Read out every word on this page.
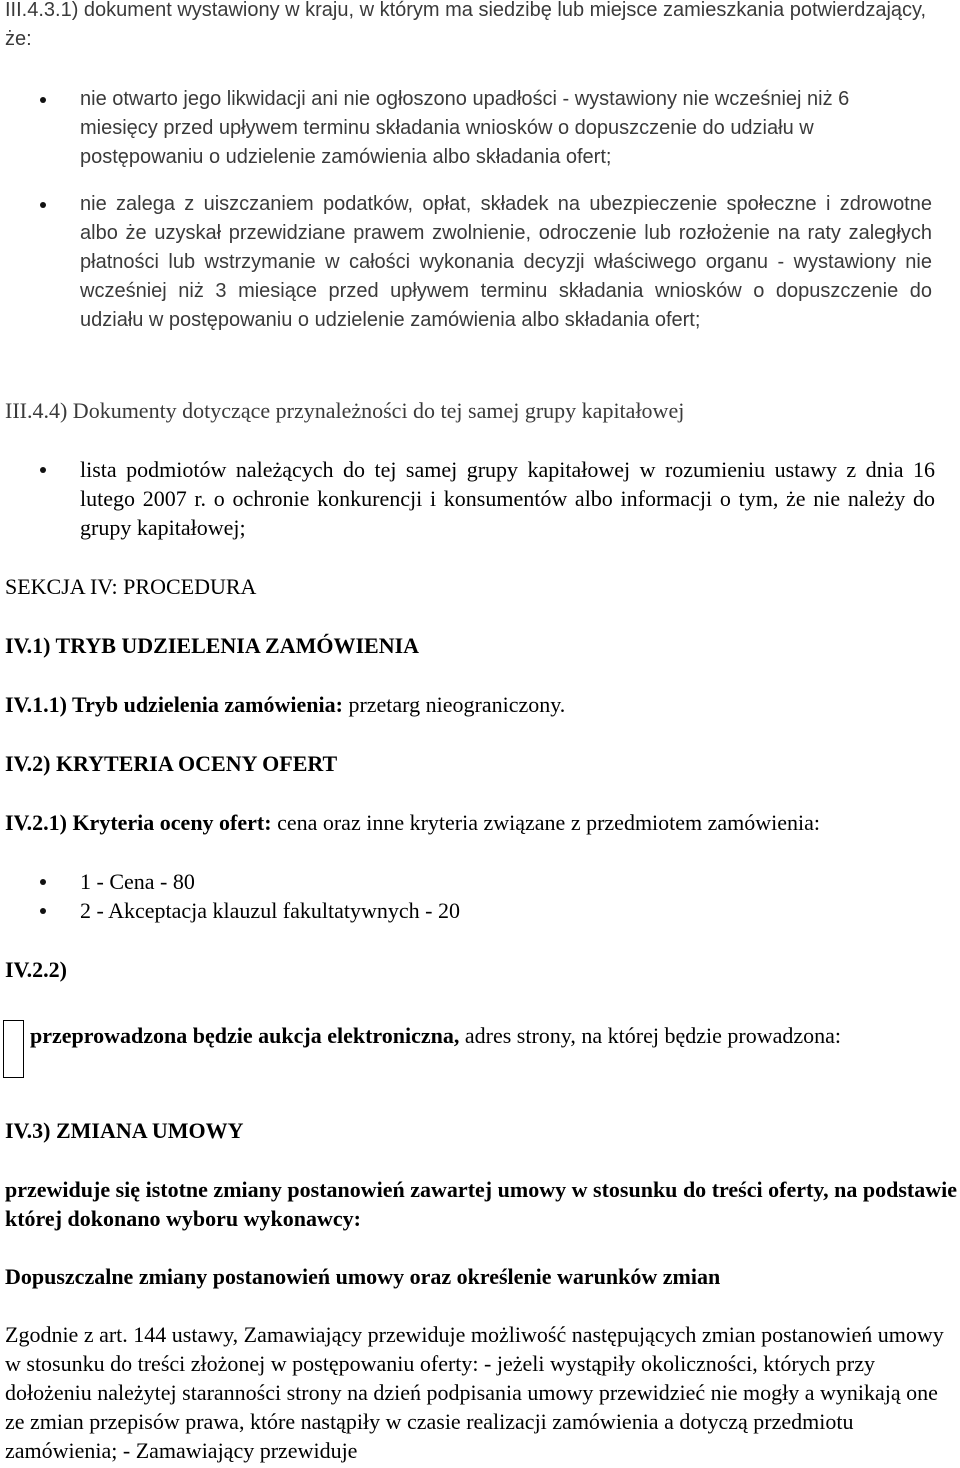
III.4.3.1) dokument wystawiony w kraju, w którym ma siedzibę lub miejsce zamieszkania potwierdzający, że:

nie otwarto jego likwidacji ani nie ogłoszono upadłości - wystawiony nie wcześniej niż 6 miesięcy przed upływem terminu składania wniosków o dopuszczenie do udziału w postępowaniu o udzielenie zamówienia albo składania ofert;
nie zalega z uiszczaniem podatków, opłat, składek na ubezpieczenie społeczne i zdrowotne albo że uzyskał przewidziane prawem zwolnienie, odroczenie lub rozłożenie na raty zaległych płatności lub wstrzymanie w całości wykonania decyzji właściwego organu - wystawiony nie wcześniej niż 3 miesiące przed upływem terminu składania wniosków o dopuszczenie do udziału w postępowaniu o udzielenie zamówienia albo składania ofert;

III.4.4) Dokumenty dotyczące przynależności do tej samej grupy kapitałowej

lista podmiotów należących do tej samej grupy kapitałowej w rozumieniu ustawy z dnia 16 lutego 2007 r. o ochronie konkurencji i konsumentów albo informacji o tym, że nie należy do grupy kapitałowej;

SEKCJA IV: PROCEDURA

IV.1) TRYB UDZIELENIA ZAMÓWIENIA

IV.1.1) Tryb udzielenia zamówienia: przetarg nieograniczony.

IV.2) KRYTERIA OCENY OFERT

IV.2.1) Kryteria oceny ofert: cena oraz inne kryteria związane z przedmiotem zamówienia:

1 - Cena - 80
2 - Akceptacja klauzul fakultatywnych - 20

IV.2.2)

przeprowadzona będzie aukcja elektroniczna, adres strony, na której będzie prowadzona:

IV.3) ZMIANA UMOWY

przewiduje się istotne zmiany postanowień zawartej umowy w stosunku do treści oferty, na podstawie której dokonano wyboru wykonawcy:

Dopuszczalne zmiany postanowień umowy oraz określenie warunków zmian

Zgodnie z art. 144 ustawy, Zamawiający przewiduje możliwość następujących zmian postanowień umowy w stosunku do treści złożonej w postępowaniu oferty: - jeżeli wystąpiły okoliczności, których przy dołożeniu należytej staranności strony na dzień podpisania umowy przewidzieć nie mogły a wynikają one ze zmian przepisów prawa, które nastąpiły w czasie realizacji zamówienia a dotyczą przedmiotu zamówienia; - Zamawiający przewiduje
